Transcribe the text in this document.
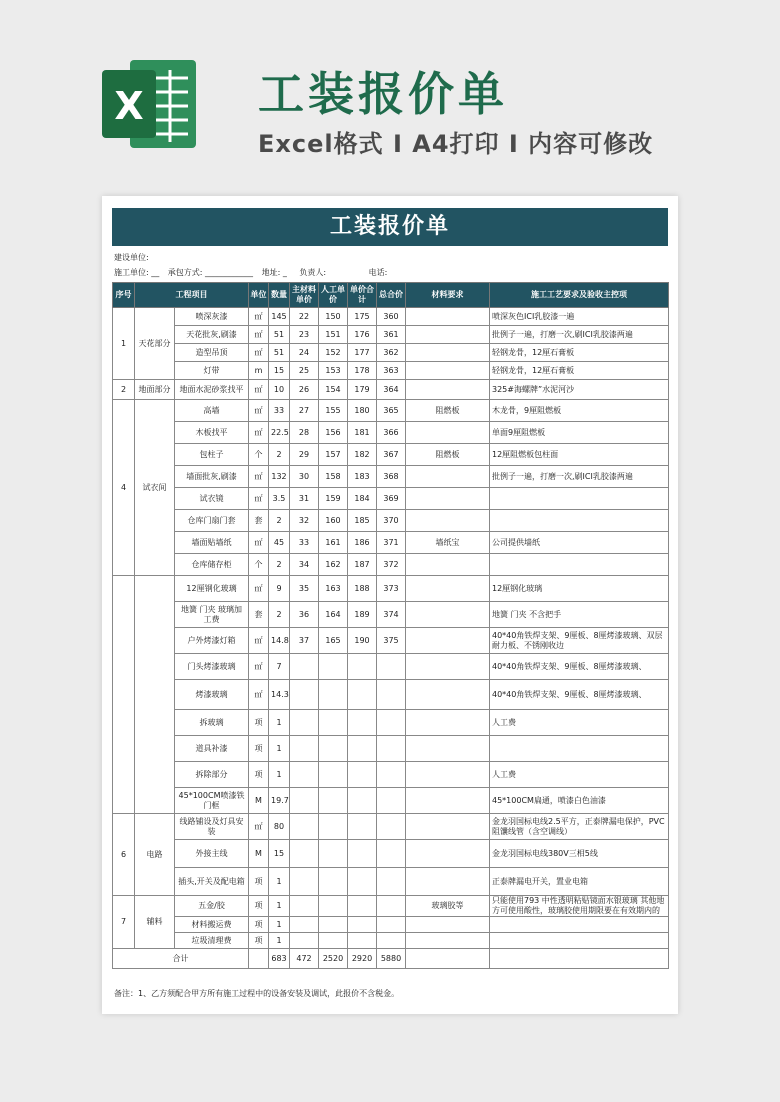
X 工装报价单
Excel格式 I A4打印 I 内容可修改
工装报价单
建设单位:
施工单位: __ 承包方式: ____________ 地址: _ 负责人:	电话:
序号	工程项目		单位	数量	主材料单价	人工单价	单价合计	总合价	材料要求	施工工艺要求及验收主控项
1	天花部分	喷深灰漆	㎡	145	22	150	175	360		喷深灰色ICI乳胶漆一遍
		天花批灰,刷漆	㎡	51	23	151	176	361		批例子一遍，打磨一次,刷ICI乳胶漆两遍
		造型吊顶	㎡	51	24	152	177	362		轻钢龙骨，12厘石膏板
		灯带	m	15	25	153	178	363		轻钢龙骨，12厘石膏板
2	地面部分	地面水泥砂浆找平	㎡	10	26	154	179	364		325#海螺牌”水泥河沙
4	试衣间	高墙	㎡	33	27	155	180	365	阻燃板	木龙骨，9厘阻燃板
		木板找平	㎡	22.5	28	156	181	366		单面9厘阻燃板
		包柱子	个	2	29	157	182	367	阻燃板	12厘阻燃板包柱面
		墙面批灰,刷漆	㎡	132	30	158	183	368		批例子一遍，打磨一次,刷ICI乳胶漆两遍
		试衣镜	㎡	3.5	31	159	184	369		
		仓库门扇门套	套	2	32	160	185	370		
		墙面贴墙纸	㎡	45	33	161	186	371	墙纸宝	公司提供墙纸
		仓库储存柜	个	2	34	162	187	372		
		12厘钢化玻璃	㎡	9	35	163	188	373		12厘钢化玻璃
		地簧 门夹 玻璃加工费	套	2	36	164	189	374		地簧 门夹 不含把手
		户外烤漆灯箱	㎡	14.8	37	165	190	375		40*40角铁焊支架、9厘板、8厘烤漆玻璃、双层耐力板、不锈刚收边
		门头烤漆玻璃	㎡	7						40*40角铁焊支架、9厘板、8厘烤漆玻璃、
		烤漆玻璃	㎡	14.3						40*40角铁焊支架、9厘板、8厘烤漆玻璃、
		拆玻璃	项	1						人工费
		道具补漆	项	1						
		拆除部分	项	1						人工费
		45*100CM喷漆铁门框	M	19.7						45*100CM扁通，喷漆白色油漆
6	电路	线路铺设及灯具安装	㎡	80						金龙羽国标电线2.5平方，正泰牌漏电保护，PVC阻馕线管（含空调线）
		外接主线	M	15						金龙羽国标电线380V三相5线
		插头,开关及配电箱	项	1						正泰牌漏电开关，置业电箱
7	辅料	五金/胶	项	1					玻璃胶等	只能使用793 中性透明粘贴镜面水银玻璃 其他地方可使用酸性，玻璃胶使用期限要在有效期内的
		材料搬运费	项	1						
		垃圾清理费	项	1						
合计				683	472	2520	2920	5880		
备注：1、乙方须配合甲方所有施工过程中的设备安装及调试，此报价不含税金。
